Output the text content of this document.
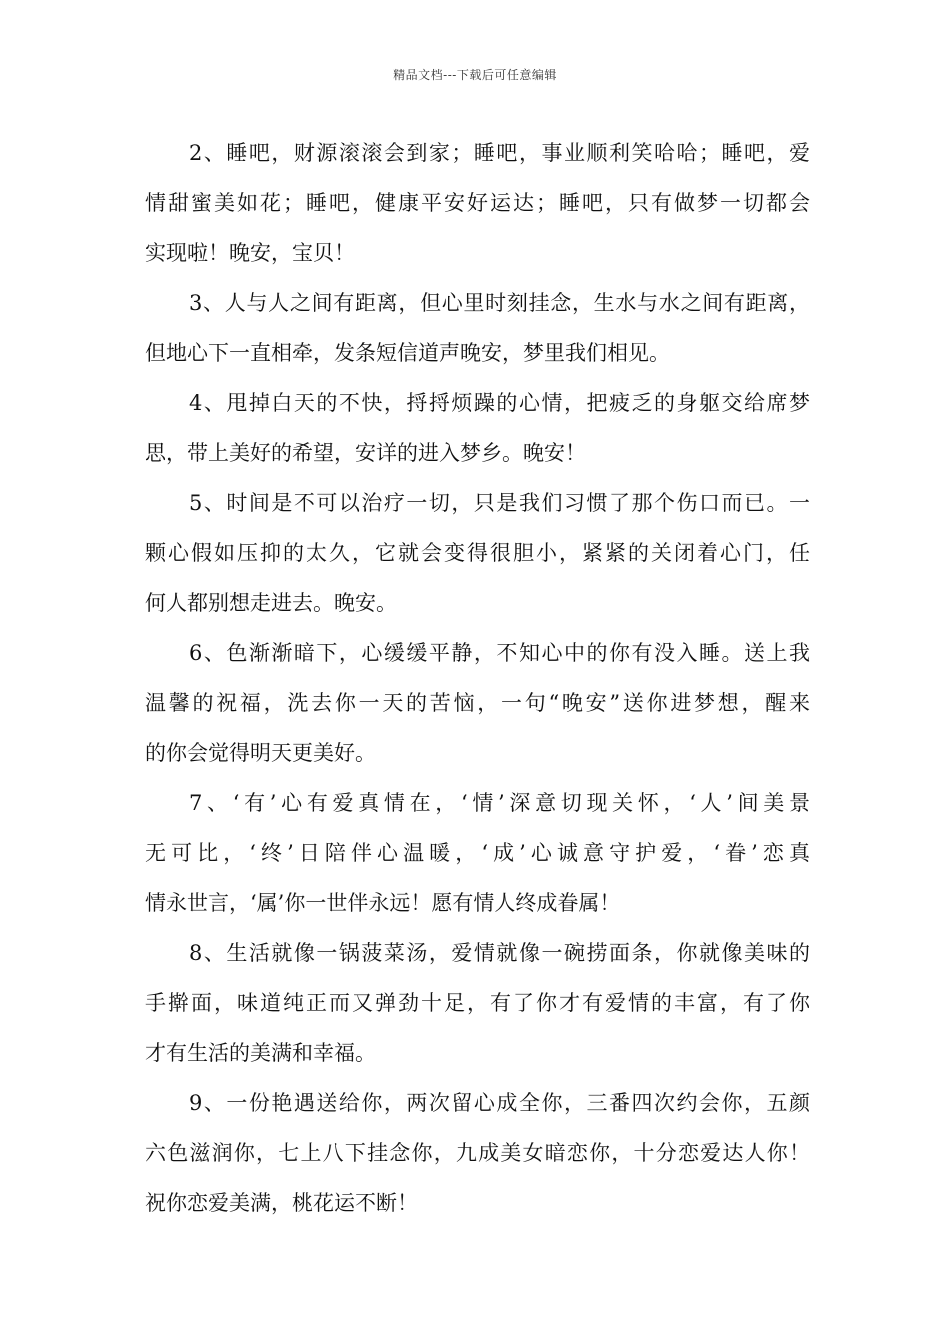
精品文档---下载后可任意编辑
2、睡吧，财源滚滚会到家；睡吧，事业顺利笑哈哈；睡吧，爱
情甜蜜美如花；睡吧，健康平安好运达；睡吧，只有做梦一切都会
实现啦！晚安，宝贝！
3、人与人之间有距离，但心里时刻挂念，生水与水之间有距离，
但地心下一直相牵，发条短信道声晚安，梦里我们相见。
4、甩掉白天的不快，捋捋烦躁的心情，把疲乏的身躯交给席梦
思，带上美好的希望，安详的进入梦乡。晚安！
5、时间是不可以治疗一切，只是我们习惯了那个伤口而已。一
颗心假如压抑的太久，它就会变得很胆小，紧紧的关闭着心门，任
何人都别想走进去。晚安。
6、色渐渐暗下，心缓缓平静，不知心中的你有没入睡。送上我
温馨的祝福，洗去你一天的苦恼，一句“晚安”送你进梦想，醒来
的你会觉得明天更美好。
7、‘有’心有爱真情在，‘情’深意切现关怀，‘人’间美景
无可比，‘终’日陪伴心温暖，‘成’心诚意守护爱，‘眷’恋真
情永世言，‘属’你一世伴永远！愿有情人终成眷属！
8、生活就像一锅菠菜汤，爱情就像一碗捞面条，你就像美味的
手擀面，味道纯正而又弹劲十足，有了你才有爱情的丰富，有了你
才有生活的美满和幸福。
9、一份艳遇送给你，两次留心成全你，三番四次约会你，五颜
六色滋润你，七上八下挂念你，九成美女暗恋你，十分恋爱达人你！
祝你恋爱美满，桃花运不断！
